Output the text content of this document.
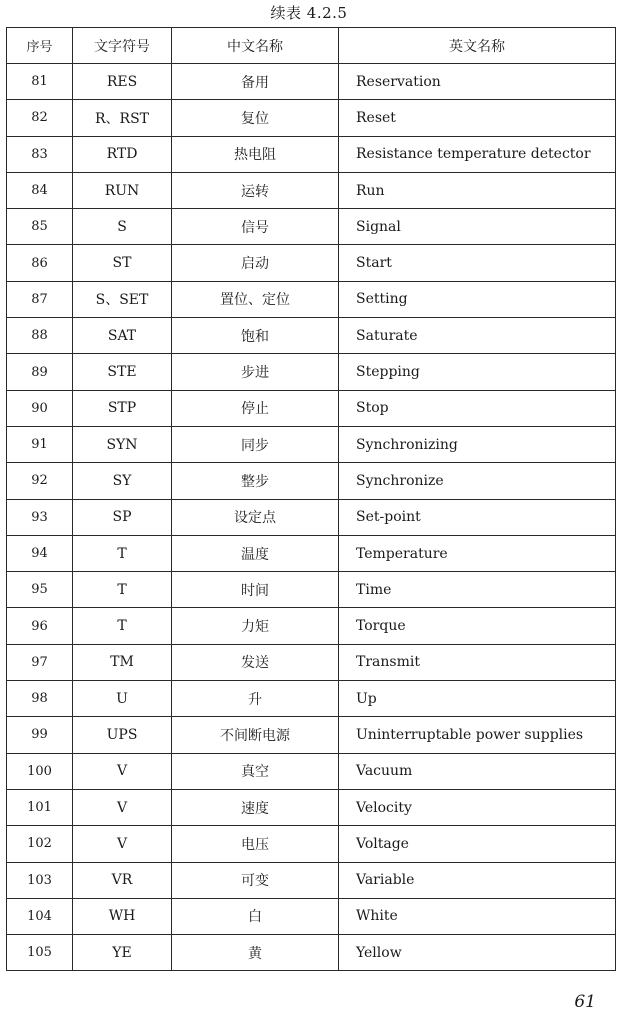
续表 4.2.5
序号	文字符号	中文名称	英文名称
81	RES	备用	Reservation
82	R、RST	复位	Reset
83	RTD	热电阻	Resistance temperature detector
84	RUN	运转	Run
85	S	信号	Signal
86	ST	启动	Start
87	S、SET	置位、定位	Setting
88	SAT	饱和	Saturate
89	STE	步进	Stepping
90	STP	停止	Stop
91	SYN	同步	Synchronizing
92	SY	整步	Synchronize
93	SP	设定点	Set-point
94	T	温度	Temperature
95	T	时间	Time
96	T	力矩	Torque
97	TM	发送	Transmit
98	U	升	Up
99	UPS	不间断电源	Uninterruptable power supplies
100	V	真空	Vacuum
101	V	速度	Velocity
102	V	电压	Voltage
103	VR	可变	Variable
104	WH	白	White
105	YE	黄	Yellow
61
